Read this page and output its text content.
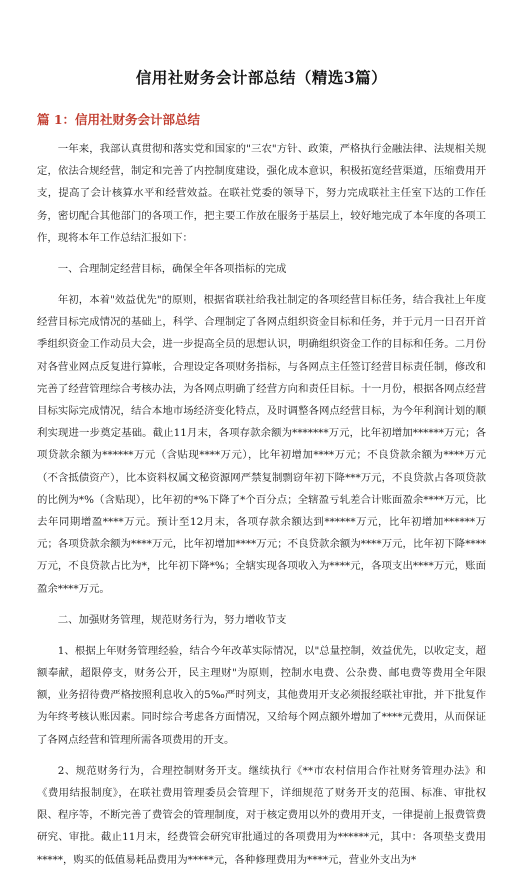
信用社财务会计部总结（精选3篇）
篇 1：信用社财务会计部总结

一年来，我部认真贯彻和落实党和国家的"三农"方针、政策，严格执行金融法律、法规相关规定，依法合规经营，制定和完善了内控制度建设，强化成本意识，积极拓宽经营渠道，压缩费用开支，提高了会计核算水平和经营效益。在联社党委的领导下，努力完成联社主任室下达的工作任务，密切配合其他部门的各项工作，把主要工作放在服务于基层上，较好地完成了本年度的各项工作，现将本年工作总结汇报如下：

一、合理制定经营目标，确保全年各项指标的完成

年初，本着"效益优先"的原则，根据省联社给我社制定的各项经营目标任务，结合我社上年度经营目标完成情况的基础上，科学、合理制定了各网点组织资金目标和任务，并于元月一日召开首季组织资金工作动员大会，进一步提高全员的思想认识，明确组织资金工作的目标和任务。二月份对各营业网点反复进行算帐，合理设定各项财务指标，与各网点主任签订经营目标责任制，修改和完善了经营管理综合考核办法，为各网点明确了经营方向和责任目标。十一月份，根据各网点经营目标实际完成情况，结合本地市场经济变化特点，及时调整各网点经营目标，为今年利润计划的顺利实现进一步奠定基础。截止11月末，各项存款余额为*******万元，比年初增加******万元；各项贷款余额为******万元（含贴现****万元），比年初增加****万元；不良贷款余额为****万元（不含抵债资产），比本资料权属文秘资源网严禁复制剽窃年初下降***万元，不良贷款占各项贷款的比例为*%（含贴现），比年初的*%下降了*个百分点；全辖盈亏轧差合计账面盈余****万元，比去年同期增盈****万元。预计至12月末，各项存款余额达到******万元，比年初增加******万元；各项贷款余额为****万元，比年初增加****万元；不良贷款余额为****万元，比年初下降****万元，不良贷款占比为*，比年初下降*%；全辖实现各项收入为****元，各项支出****万元，账面盈余****万元。

二、加强财务管理，规范财务行为，努力增收节支

1、根据上年财务管理经验，结合今年改革实际情况，以"总量控制，效益优先，以收定支，超额奉献，超限停支，财务公开，民主理财"为原则，控制水电费、公杂费、邮电费等费用全年限额，业务招待费严格按照利息收入的5‰严时列支，其他费用开支必须报经联社审批，并下批复作为年终考核认账因素。同时综合考虑各方面情况，又给每个网点额外增加了****元费用，从而保证了各网点经营和管理所需各项费用的开支。

2、规范财务行为，合理控制财务开支。继续执行《**市农村信用合作社财务管理办法》和《费用结报制度》，在联社费用管理委员会管理下，详细规范了财务开支的范围、标准、审批权限、程序等，不断完善了费管会的管理制度，对于核定费用以外的费用开支，一律提前上报费管费研究、审批。截止11月末，经费管会研究审批通过的各项费用为******元，其中：各项垫支费用*****，购买的低值易耗品费用为*****元，各种修理费用为****元，营业外支出为*
